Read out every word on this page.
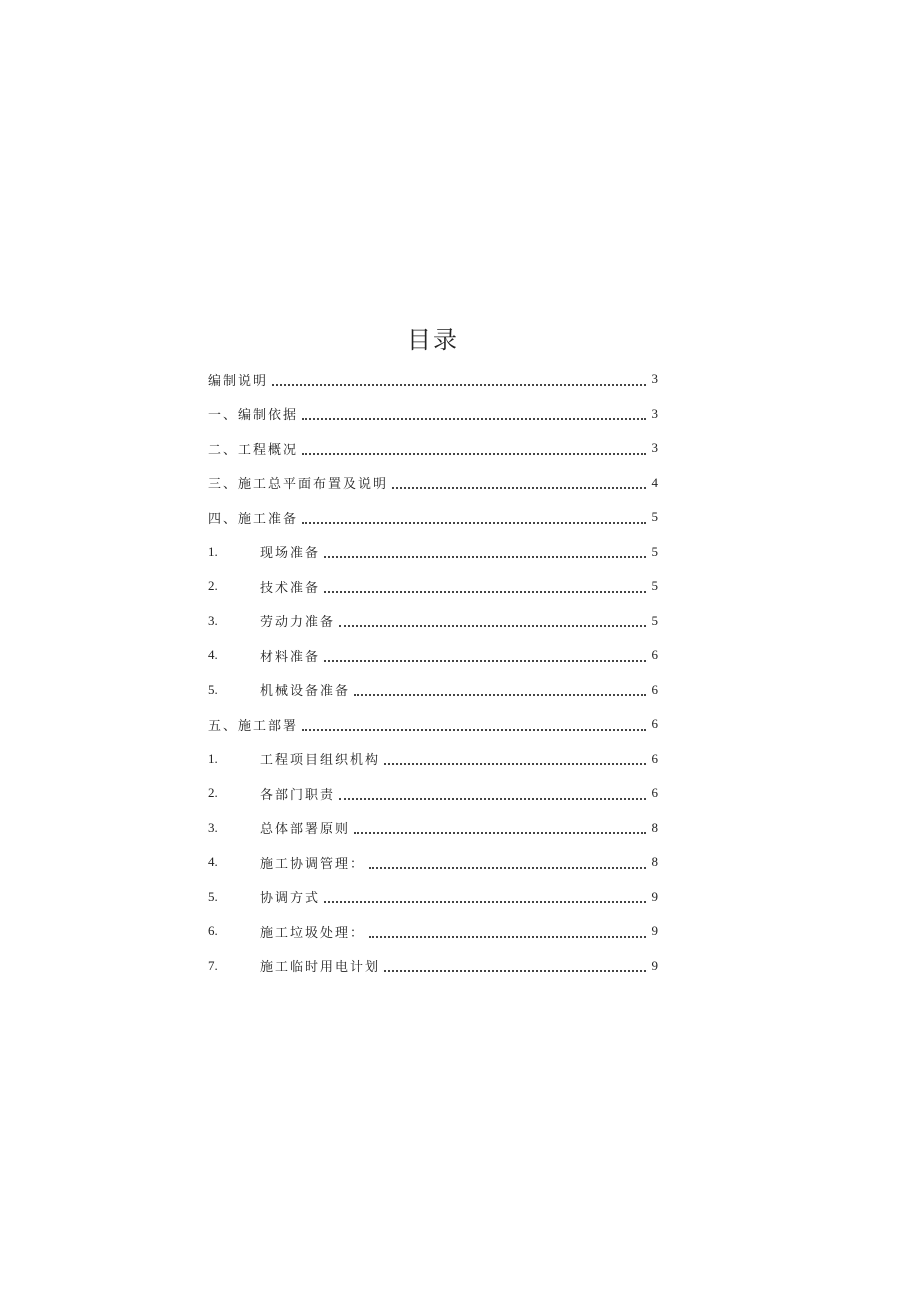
目录
编制说明	3
一、编制依据	3
二、工程概况	3
三、施工总平面布置及说明	4
四、施工准备	5
1.	现场准备	5
2.	技术准备	5
3.	劳动力准备	5
4.	材料准备	6
5.	机械设备准备	6
五、施工部署	6
1.	工程项目组织机构	6
2.	各部门职责	6
3.	总体部署原则	8
4.	施工协调管理：	8
5.	协调方式	9
6.	施工垃圾处理：	9
7.	施工临时用电计划	9
